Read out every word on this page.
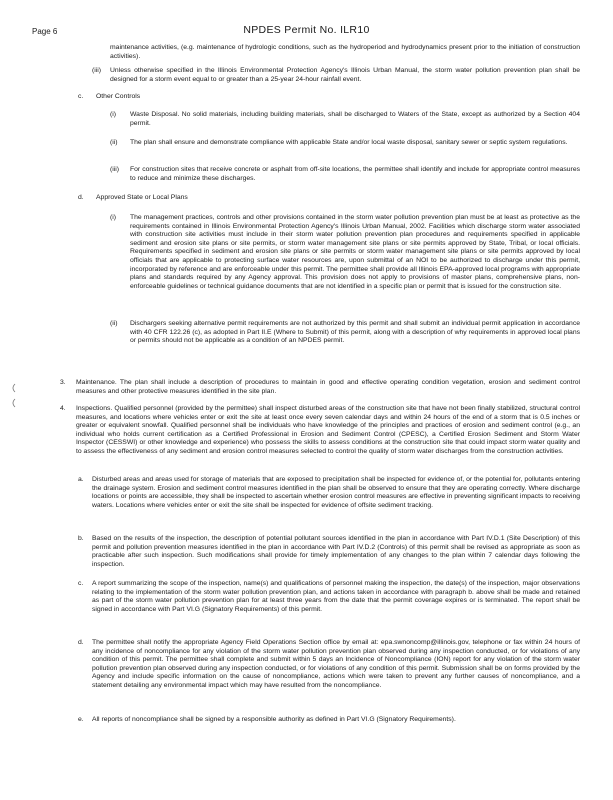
Page 6	NPDES Permit No. ILR10
maintenance activities, (e.g. maintenance of hydrologic conditions, such as the hydroperiod and hydrodynamics present prior to the initiation of construction activities).
(iii) Unless otherwise specified in the Illinois Environmental Protection Agency's Illinois Urban Manual, the storm water pollution prevention plan shall be designed for a storm event equal to or greater than a 25-year 24-hour rainfall event.
c. Other Controls
(i) Waste Disposal. No solid materials, including building materials, shall be discharged to Waters of the State, except as authorized by a Section 404 permit.
(ii) The plan shall ensure and demonstrate compliance with applicable State and/or local waste disposal, sanitary sewer or septic system regulations.
(iii) For construction sites that receive concrete or asphalt from off-site locations, the permittee shall identify and include for appropriate control measures to reduce and minimize these discharges.
d. Approved State or Local Plans
(i) The management practices, controls and other provisions contained in the storm water pollution prevention plan must be at least as protective as the requirements contained in Illinois Environmental Protection Agency's Illinois Urban Manual, 2002. Facilities which discharge storm water associated with construction site activities must include in their storm water pollution prevention plan procedures and requirements specified in applicable sediment and erosion site plans or site permits, or storm water management site plans or site permits approved by State, Tribal, or local officials. Requirements specified in sediment and erosion site plans or site permits or storm water management site plans or site permits approved by local officials that are applicable to protecting surface water resources are, upon submittal of an NOI to be authorized to discharge under this permit, incorporated by reference and are enforceable under this permit. The permittee shall provide all Illinois EPA-approved local programs with appropriate plans and standards required by any Agency approval. This provision does not apply to provisions of master plans, comprehensive plans, non-enforceable guidelines or technical guidance documents that are not identified in a specific plan or permit that is issued for the construction site.
(ii) Dischargers seeking alternative permit requirements are not authorized by this permit and shall submit an individual permit application in accordance with 40 CFR 122.26 (c), as adopted in Part II.E (Where to Submit) of this permit, along with a description of why requirements in approved local plans or permits should not be applicable as a condition of an NPDES permit.
3. Maintenance. The plan shall include a description of procedures to maintain in good and effective operating condition vegetation, erosion and sediment control measures and other protective measures identified in the site plan.
4. Inspections. Qualified personnel (provided by the permittee) shall inspect disturbed areas of the construction site that have not been finally stabilized, structural control measures, and locations where vehicles enter or exit the site at least once every seven calendar days and within 24 hours of the end of a storm that is 0.5 inches or greater or equivalent snowfall. Qualified personnel shall be individuals who have knowledge of the principles and practices of erosion and sediment control (e.g., an individual who holds current certification as a Certified Professional in Erosion and Sediment Control (CPESC), a Certified Erosion Sediment and Storm Water Inspector (CESSWI) or other knowledge and experience) who possess the skills to assess conditions at the construction site that could impact storm water quality and to assess the effectiveness of any sediment and erosion control measures selected to control the quality of storm water discharges from the construction activities.
a. Disturbed areas and areas used for storage of materials that are exposed to precipitation shall be inspected for evidence of, or the potential for, pollutants entering the drainage system. Erosion and sediment control measures identified in the plan shall be observed to ensure that they are operating correctly. Where discharge locations or points are accessible, they shall be inspected to ascertain whether erosion control measures are effective in preventing significant impacts to receiving waters. Locations where vehicles enter or exit the site shall be inspected for evidence of offsite sediment tracking.
b. Based on the results of the inspection, the description of potential pollutant sources identified in the plan in accordance with Part IV.D.1 (Site Description) of this permit and pollution prevention measures identified in the plan in accordance with Part IV.D.2 (Controls) of this permit shall be revised as appropriate as soon as practicable after such inspection. Such modifications shall provide for timely implementation of any changes to the plan within 7 calendar days following the inspection.
c. A report summarizing the scope of the inspection, name(s) and qualifications of personnel making the inspection, the date(s) of the inspection, major observations relating to the implementation of the storm water pollution prevention plan, and actions taken in accordance with paragraph b. above shall be made and retained as part of the storm water pollution prevention plan for at least three years from the date that the permit coverage expires or is terminated. The report shall be signed in accordance with Part VI.G (Signatory Requirements) of this permit.
d. The permittee shall notify the appropriate Agency Field Operations Section office by email at: epa.swnoncomp@illinois.gov, telephone or fax within 24 hours of any incidence of noncompliance for any violation of the storm water pollution prevention plan observed during any inspection conducted, or for violations of any condition of this permit. The permittee shall complete and submit within 5 days an Incidence of Noncompliance (ION) report for any violation of the storm water pollution prevention plan observed during any inspection conducted, or for violations of any condition of this permit. Submission shall be on forms provided by the Agency and include specific information on the cause of noncompliance, actions which were taken to prevent any further causes of noncompliance, and a statement detailing any environmental impact which may have resulted from the noncompliance.
e. All reports of noncompliance shall be signed by a responsible authority as defined in Part VI.G (Signatory Requirements).
